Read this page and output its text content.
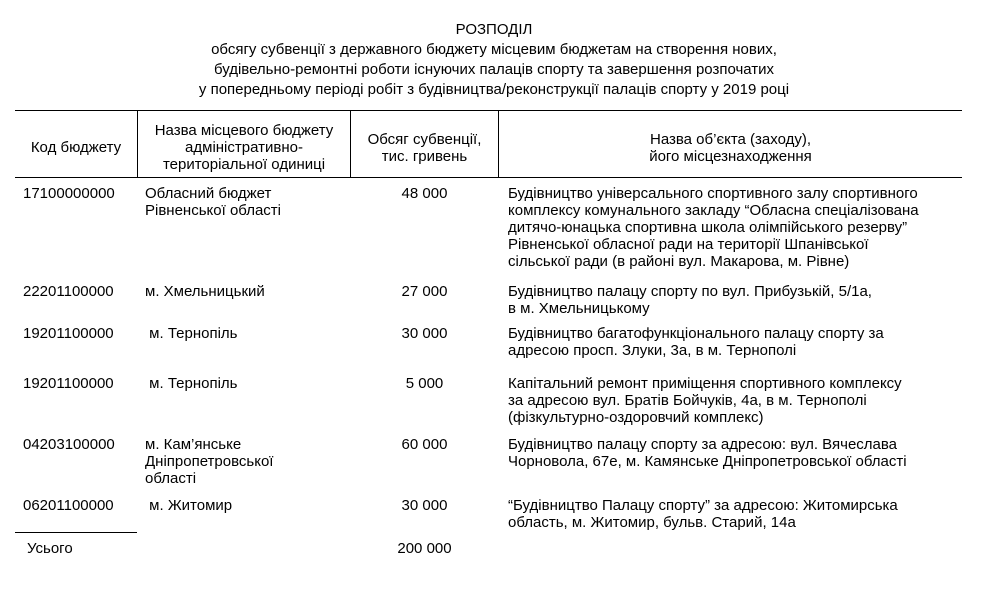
РОЗПОДІЛ
обсягу субвенції з державного бюджету місцевим бюджетам на створення нових,
будівельно-ремонтні роботи існуючих палаців спорту та завершення розпочатих
у попередньому періоді робіт з будівництва/реконструкції палаців спорту у 2019 році
Код бюджету
Назва місцевого бюджету
адміністративно-
територіальної одиниці
Обсяг субвенції,
тис. гривень
Назва об’єкта (заходу),
його місцезнаходження
17100000000 Обласний бюджет
Рівненської області
48 000	Будівництво універсального спортивного залу спортивного
комплексу комунального закладу “Обласна спеціалізована
дитячо-юнацька спортивна школа олімпійського резерву”
Рівненської обласної ради на території Шпанівської
сільської ради (в районі вул. Макарова, м. Рівне)
22201100000 м. Хмельницький	27 000	Будівництво палацу спорту по вул. Прибузькій, 5/1а,
в м. Хмельницькому
19201100000 м. Тернопіль	30 000	Будівництво багатофункціонального палацу спорту за
адресою просп. Злуки, 3а, в м. Тернополі
19201100000 м. Тернопіль	5 000	Капітальний ремонт приміщення спортивного комплексу
за адресою вул. Братів Бойчуків, 4а, в м. Тернополі
(фізкультурно-оздоровчий комплекс)
04203100000 м. Кам’янське
Дніпропетровської
області
60 000	Будівництво палацу спорту за адресою: вул. Вячеслава
Чорновола, 67е, м. Камянське Дніпропетровської області
06201100000 м. Житомир	30 000	“Будівництво Палацу спорту” за адресою: Житомирська
область, м. Житомир, бульв. Старий, 14а
Усього	200 000
